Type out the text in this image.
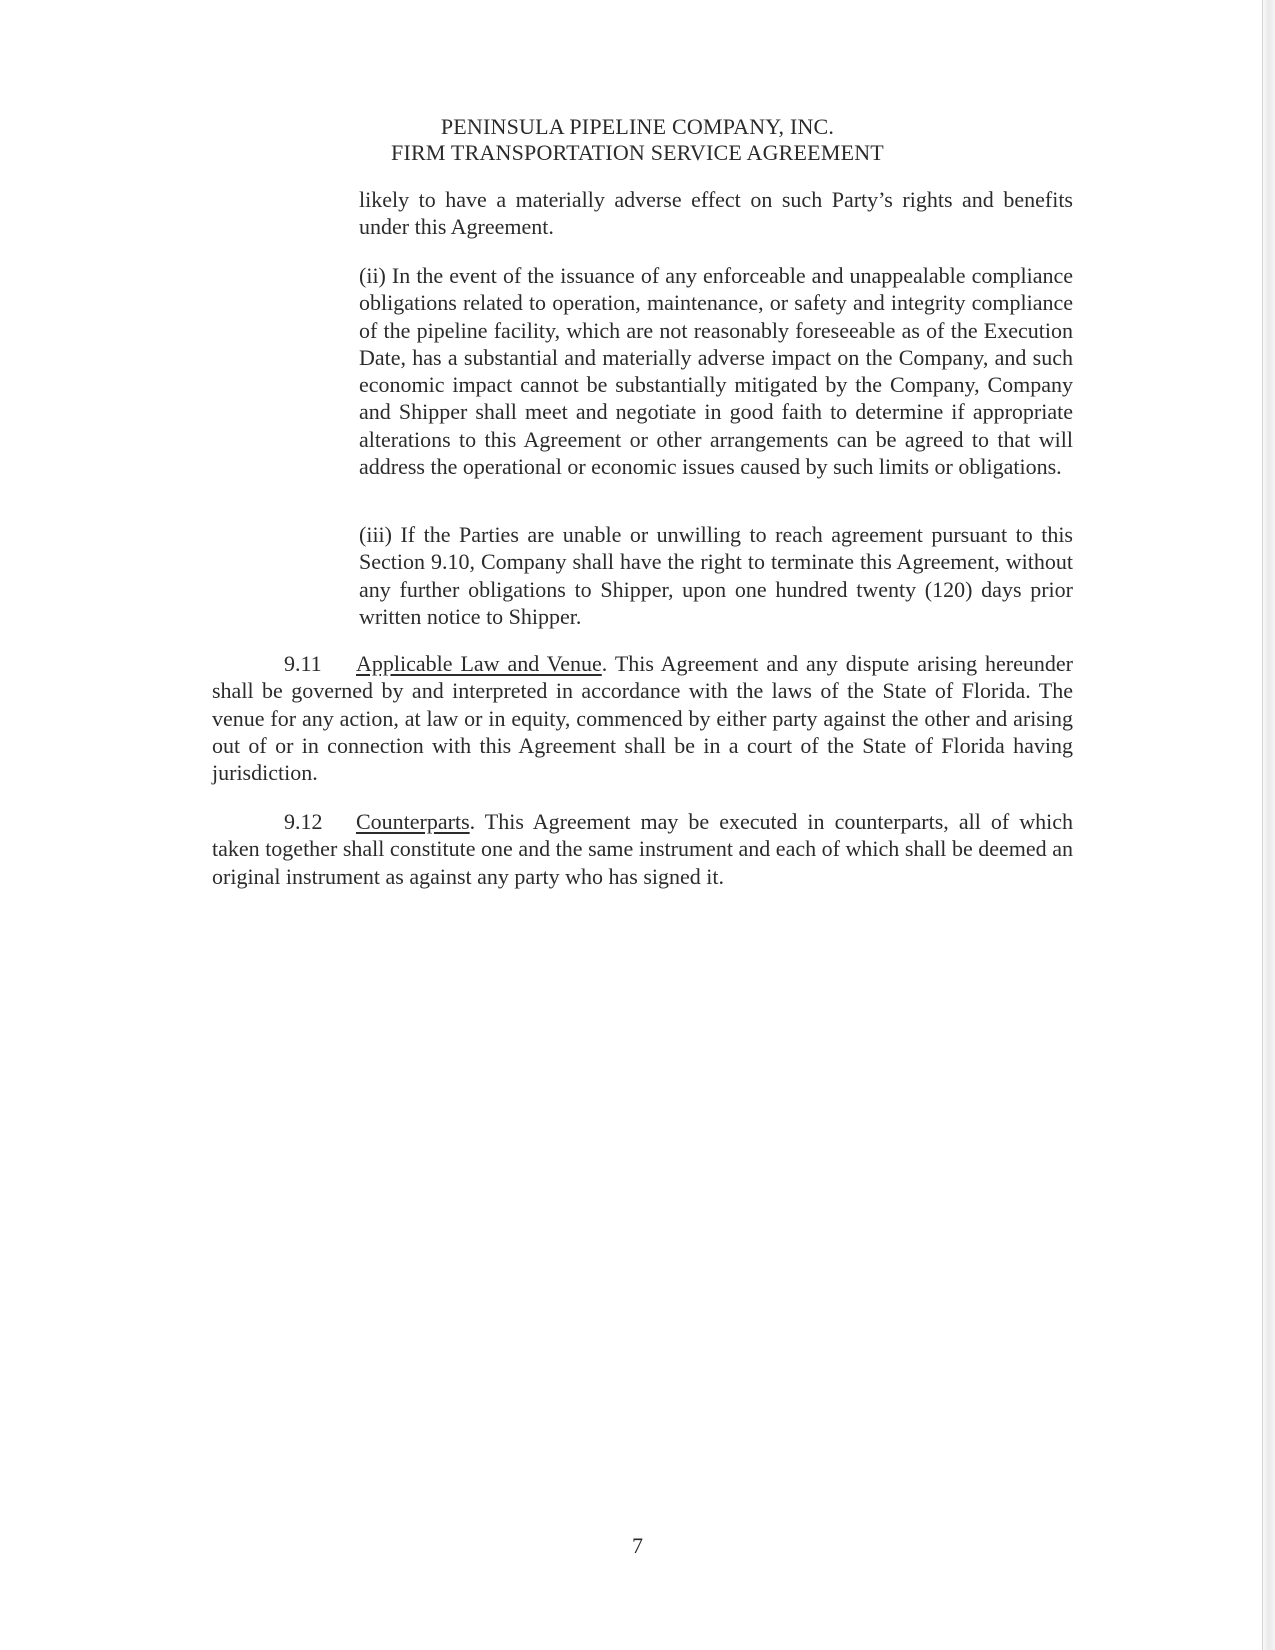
PENINSULA PIPELINE COMPANY, INC.
FIRM TRANSPORTATION SERVICE AGREEMENT

likely to have a materially adverse effect on such Party’s rights and benefits under this Agreement.

(ii) In the event of the issuance of any enforceable and unappealable compliance obligations related to operation, maintenance, or safety and integrity compliance of the pipeline facility, which are not reasonably foreseeable as of the Execution Date, has a substantial and materially adverse impact on the Company, and such economic impact cannot be substantially mitigated by the Company, Company and Shipper shall meet and negotiate in good faith to determine if appropriate alterations to this Agreement or other arrangements can be agreed to that will address the operational or economic issues caused by such limits or obligations.

(iii) If the Parties are unable or unwilling to reach agreement pursuant to this Section 9.10, Company shall have the right to terminate this Agreement, without any further obligations to Shipper, upon one hundred twenty (120) days prior written notice to Shipper.

9.11 Applicable Law and Venue. This Agreement and any dispute arising hereunder shall be governed by and interpreted in accordance with the laws of the State of Florida. The venue for any action, at law or in equity, commenced by either party against the other and arising out of or in connection with this Agreement shall be in a court of the State of Florida having jurisdiction.

9.12 Counterparts. This Agreement may be executed in counterparts, all of which taken together shall constitute one and the same instrument and each of which shall be deemed an original instrument as against any party who has signed it.

7
